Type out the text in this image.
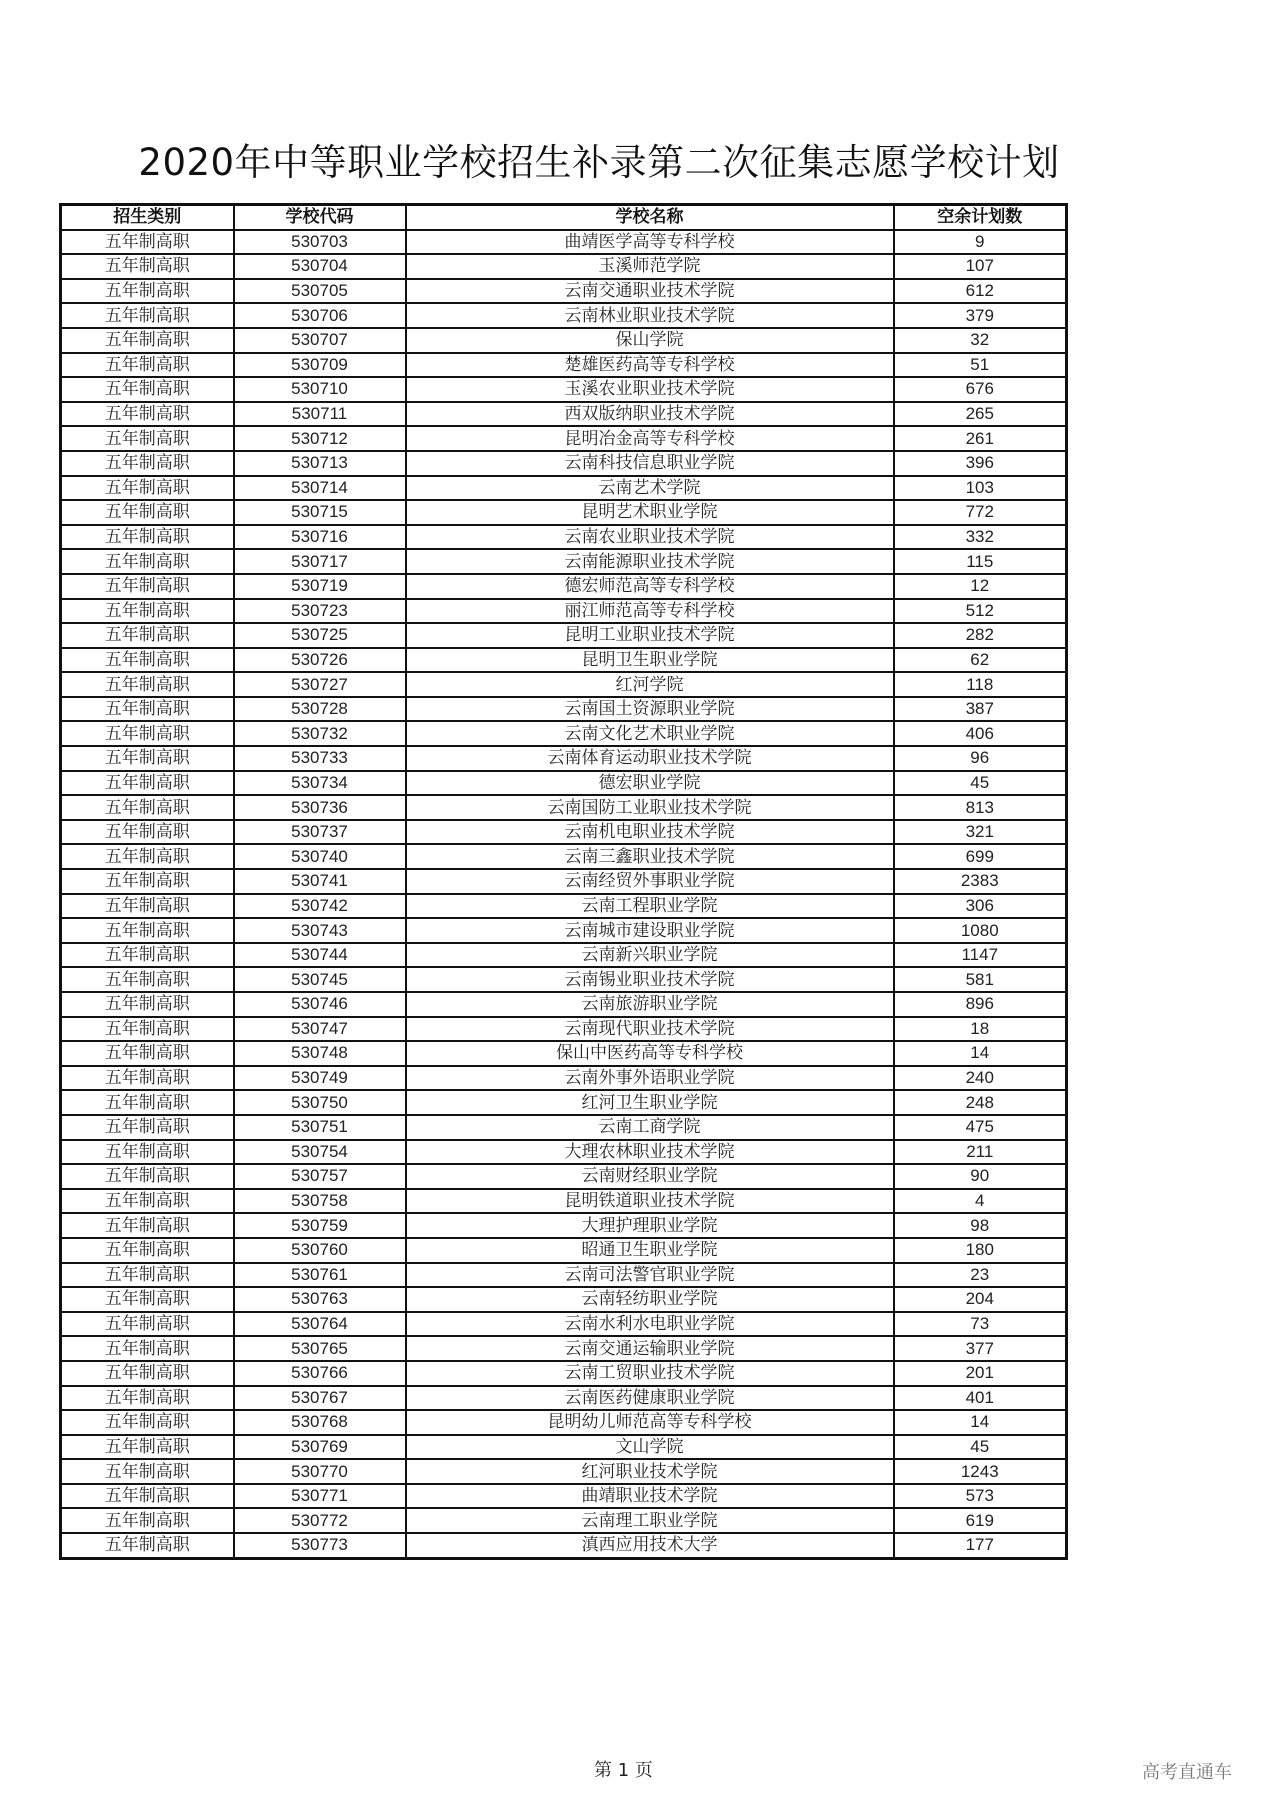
2020年中等职业学校招生补录第二次征集志愿学校计划
招生类别	学校代码	学校名称	空余计划数
五年制高职	530703	曲靖医学高等专科学校	9
五年制高职	530704	玉溪师范学院	107
五年制高职	530705	云南交通职业技术学院	612
五年制高职	530706	云南林业职业技术学院	379
五年制高职	530707	保山学院	32
五年制高职	530709	楚雄医药高等专科学校	51
五年制高职	530710	玉溪农业职业技术学院	676
五年制高职	530711	西双版纳职业技术学院	265
五年制高职	530712	昆明冶金高等专科学校	261
五年制高职	530713	云南科技信息职业学院	396
五年制高职	530714	云南艺术学院	103
五年制高职	530715	昆明艺术职业学院	772
五年制高职	530716	云南农业职业技术学院	332
五年制高职	530717	云南能源职业技术学院	115
五年制高职	530719	德宏师范高等专科学校	12
五年制高职	530723	丽江师范高等专科学校	512
五年制高职	530725	昆明工业职业技术学院	282
五年制高职	530726	昆明卫生职业学院	62
五年制高职	530727	红河学院	118
五年制高职	530728	云南国土资源职业学院	387
五年制高职	530732	云南文化艺术职业学院	406
五年制高职	530733	云南体育运动职业技术学院	96
五年制高职	530734	德宏职业学院	45
五年制高职	530736	云南国防工业职业技术学院	813
五年制高职	530737	云南机电职业技术学院	321
五年制高职	530740	云南三鑫职业技术学院	699
五年制高职	530741	云南经贸外事职业学院	2383
五年制高职	530742	云南工程职业学院	306
五年制高职	530743	云南城市建设职业学院	1080
五年制高职	530744	云南新兴职业学院	1147
五年制高职	530745	云南锡业职业技术学院	581
五年制高职	530746	云南旅游职业学院	896
五年制高职	530747	云南现代职业技术学院	18
五年制高职	530748	保山中医药高等专科学校	14
五年制高职	530749	云南外事外语职业学院	240
五年制高职	530750	红河卫生职业学院	248
五年制高职	530751	云南工商学院	475
五年制高职	530754	大理农林职业技术学院	211
五年制高职	530757	云南财经职业学院	90
五年制高职	530758	昆明铁道职业技术学院	4
五年制高职	530759	大理护理职业学院	98
五年制高职	530760	昭通卫生职业学院	180
五年制高职	530761	云南司法警官职业学院	23
五年制高职	530763	云南轻纺职业学院	204
五年制高职	530764	云南水利水电职业学院	73
五年制高职	530765	云南交通运输职业学院	377
五年制高职	530766	云南工贸职业技术学院	201
五年制高职	530767	云南医药健康职业学院	401
五年制高职	530768	昆明幼儿师范高等专科学校	14
五年制高职	530769	文山学院	45
五年制高职	530770	红河职业技术学院	1243
五年制高职	530771	曲靖职业技术学院	573
五年制高职	530772	云南理工职业学院	619
五年制高职	530773	滇西应用技术大学	177
第 1 页	高考直通车
